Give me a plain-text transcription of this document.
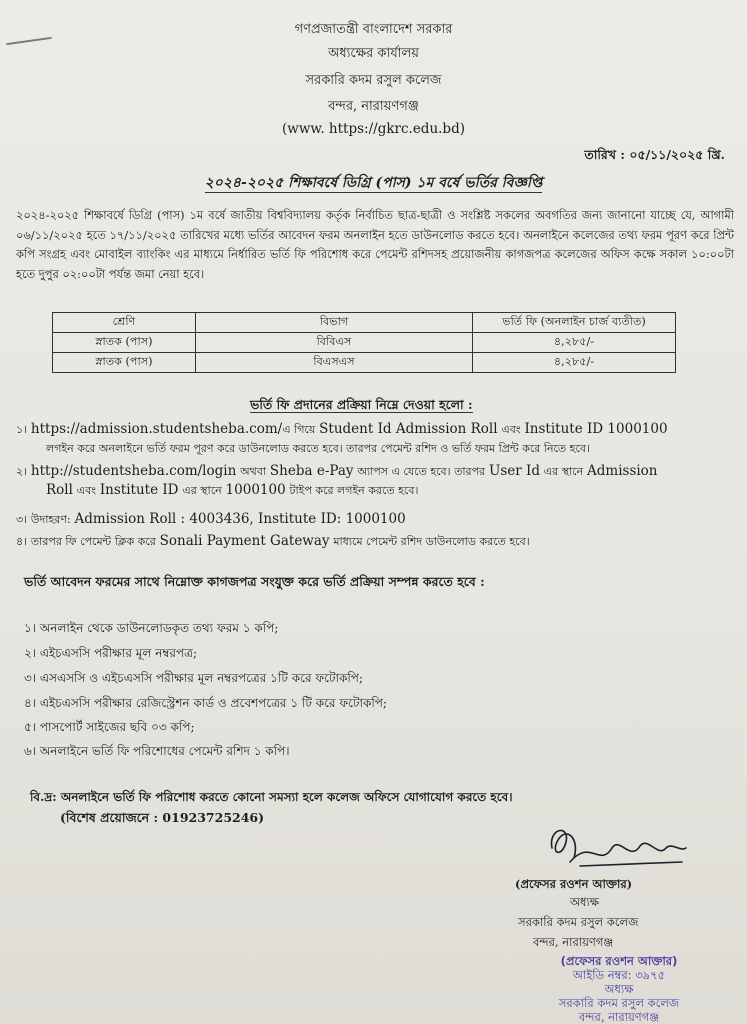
গণপ্রজাতন্ত্রী বাংলাদেশ সরকার
অধ্যক্ষের কার্যালয়
সরকারি কদম রসুল কলেজ
বন্দর, নারায়ণগঞ্জ
(www. https://gkrc.edu.bd)
তারিখ : ০৫/১১/২০২৫ খ্রি.
২০২৪-২০২৫ শিক্ষাবর্ষে ডিগ্রি (পাস) ১ম বর্ষে ভর্তির বিজ্ঞপ্তি
২০২৪-২০২৫ শিক্ষাবর্ষে ডিগ্রি (পাস) ১ম বর্ষে জাতীয় বিশ্ববিদ্যালয় কর্তৃক নির্বাচিত ছাত্র-ছাত্রী ও সংশ্লিষ্ট সকলের অবগতির জন্য জানানো যাচ্ছে যে, আগামী ০৬/১১/২০২৫ হতে ১৭/১১/২০২৫ তারিখের মধ্যে ভর্তির আবেদন ফরম অনলাইন হতে ডাউনলোড করতে হবে। অনলাইনে কলেজের তথ্য ফরম পূরণ করে প্রিন্ট কপি সংগ্রহ এবং মোবাইল ব্যাংকিং এর মাধ্যমে নির্ধারিত ভর্তি ফি পরিশোধ করে পেমেন্ট রশিদসহ প্রয়োজনীয় কাগজপত্র কলেজের অফিস কক্ষে সকাল ১০:০০টা হতে দুপুর ০২:০০টা পর্যন্ত জমা নেয়া হবে।
শ্রেণি	বিভাগ	ভর্তি ফি (অনলাইন চার্জ ব্যতীত)
স্নাতক (পাস)	বিবিএস	৪,২৮৫/-
স্নাতক (পাস)	বিএসএস	৪,২৮৫/-
ভর্তি ফি প্রদানের প্রক্রিয়া নিম্নে দেওয়া হলো :
১। https://admission.studentsheba.com/এ গিয়ে Student Id Admission Roll এবং Institute ID 1000100
লগইন করে অনলাইনে ভর্তি ফরম পূরণ করে ডাউনলোড করতে হবে। তারপর পেমেন্ট রশিদ ও ভর্তি ফরম প্রিন্ট করে নিতে হবে।
২। http://studentsheba.com/login অথবা Sheba e-Pay অ্যাপস এ যেতে হবে। তারপর User Id এর স্থানে Admission
Roll এবং Institute ID এর স্থানে 1000100 টাইপ করে লগইন করতে হবে।
৩। উদাহরণ: Admission Roll : 4003436, Institute ID: 1000100
৪। তারপর ফি পেমেন্ট ক্লিক করে Sonali Payment Gateway মাধ্যমে পেমেন্ট রশিদ ডাউনলোড করতে হবে।
ভর্তি আবেদন ফরমের সাথে নিম্নোক্ত কাগজপত্র সংযুক্ত করে ভর্তি প্রক্রিয়া সম্পন্ন করতে হবে :
১। অনলাইন থেকে ডাউনলোডকৃত তথ্য ফরম ১ কপি;
২। এইচএসসি পরীক্ষার মূল নম্বরপত্র;
৩। এসএসসি ও এইচএসসি পরীক্ষার মূল নম্বরপত্রের ১টি করে ফটোকপি;
৪। এইচএসসি পরীক্ষার রেজিস্ট্রেশন কার্ড ও প্রবেশপত্রের ১ টি করে ফটোকপি;
৫। পাসপোর্ট সাইজের ছবি ০৩ কপি;
৬। অনলাইনে ভর্তি ফি পরিশোধের পেমেন্ট রশিদ ১ কপি।
বি.দ্র: অনলাইনে ভর্তি ফি পরিশোধ করতে কোনো সমস্যা হলে কলেজ অফিসে যোগাযোগ করতে হবে।
(বিশেষ প্রয়োজনে : 01923725246)
(প্রফেসর রওশন আক্তার)
অধ্যক্ষ
সরকারি কদম রসুল কলেজ
বন্দর, নারায়ণগঞ্জ
(প্রফেসর রওশন আক্তার)
আইডি নম্বর: ৩৯৭৫
অধ্যক্ষ
সরকারি কদম রসুল কলেজ
বন্দর, নারায়ণগঞ্জ
